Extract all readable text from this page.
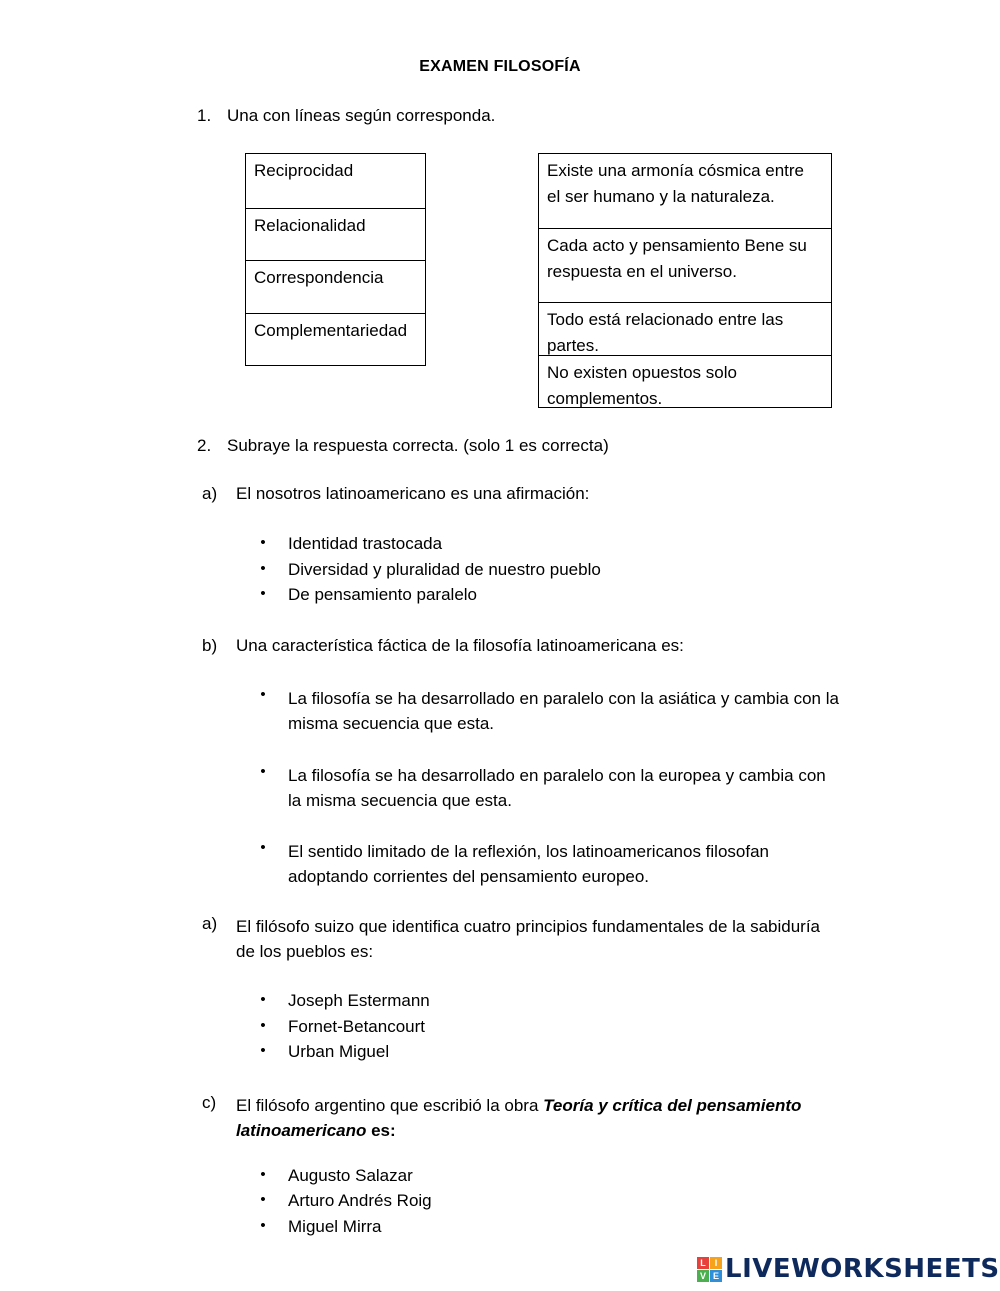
EXAMEN FILOSOFÍA
1. Una con líneas según corresponda.
Reciprocidad
Relacionalidad
Correspondencia
Complementariedad
Existe una armonía cósmica entre
el ser humano y la naturaleza.
Cada acto y pensamiento Bene su
respuesta en el universo.
Todo está relacionado entre las
partes.
No existen opuestos solo
complementos.
2. Subraye la respuesta correcta. (solo 1 es correcta)
a) El nosotros latinoamericano es una afirmación:
• Identidad trastocada
• Diversidad y pluralidad de nuestro pueblo
• De pensamiento paralelo
b) Una característica fáctica de la filosofía latinoamericana es:
• La filosofía se ha desarrollado en paralelo con la asiática y cambia con la
misma secuencia que esta.
• La filosofía se ha desarrollado en paralelo con la europea y cambia con
la misma secuencia que esta.
• El sentido limitado de la reflexión, los latinoamericanos filosofan
adoptando corrientes del pensamiento europeo.
a) El filósofo suizo que identifica cuatro principios fundamentales de la sabiduría
de los pueblos es:
• Joseph Estermann
• Fornet-Betancourt
• Urban Miguel
c) El filósofo argentino que escribió la obra Teoría y crítica del pensamiento
latinoamericano es:
• Augusto Salazar
• Arturo Andrés Roig
• Miguel Mirra
L I
V E LIVEWORKSHEETS
